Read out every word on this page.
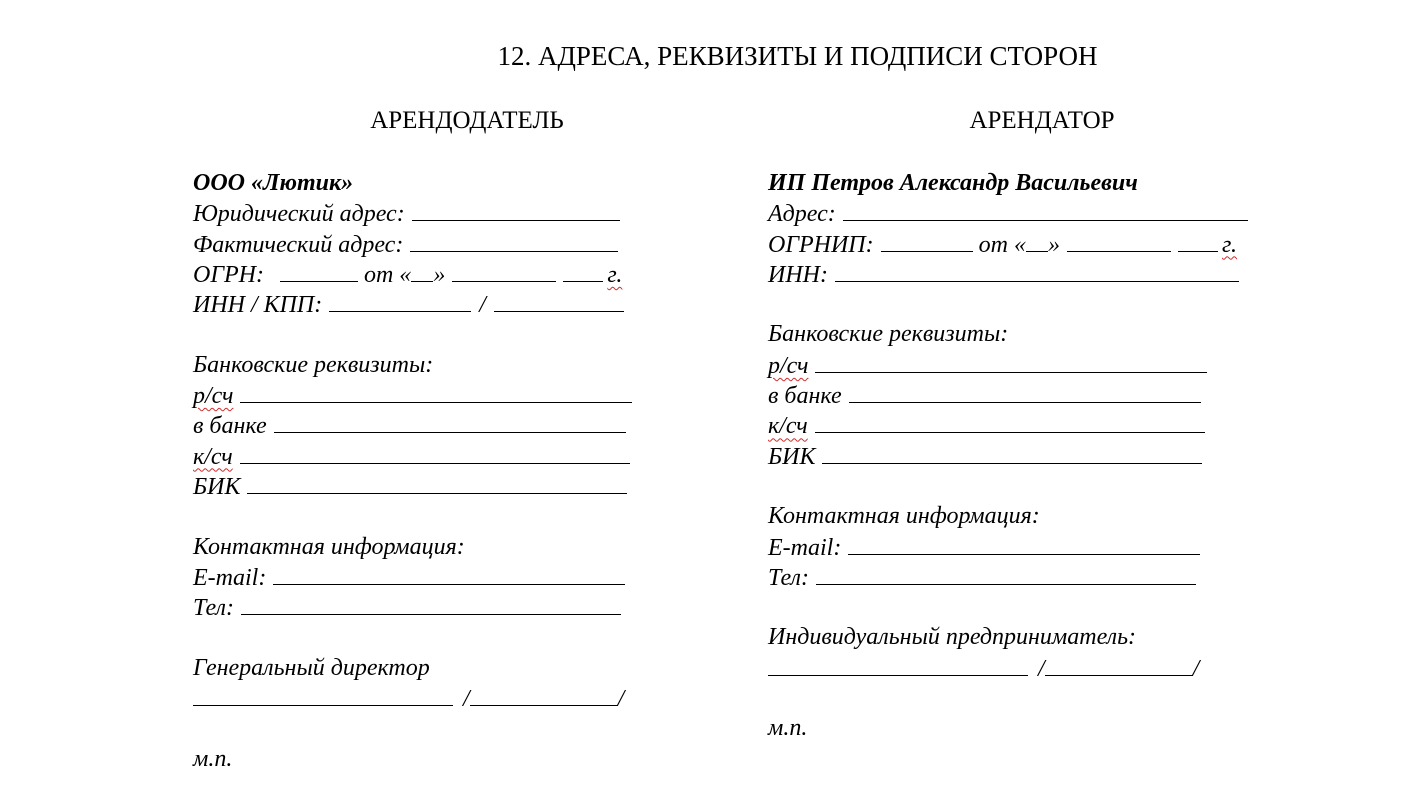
12. АДРЕСА, РЕКВИЗИТЫ И ПОДПИСИ СТОРОН
АРЕНДОДАТЕЛЬ	АРЕНДАТОР
ООО «Лютик»
Юридический адрес:
Фактический адрес:
ОГРН:	от « »	г.
ИНН / КПП:	/
Банковские реквизиты:
р/сч
в банке
к/сч
БИК
Контактная информация:
E-mail:
Тел:
Генеральный директор
/	/
м.п.
ИП Петров Александр Васильевич
Адрес:
ОГРНИП:	от « »	г.
ИНН:
Банковские реквизиты:
р/сч
в банке
к/сч
БИК
Контактная информация:
E-mail:
Тел:
Индивидуальный предприниматель:
/	/
м.п.
